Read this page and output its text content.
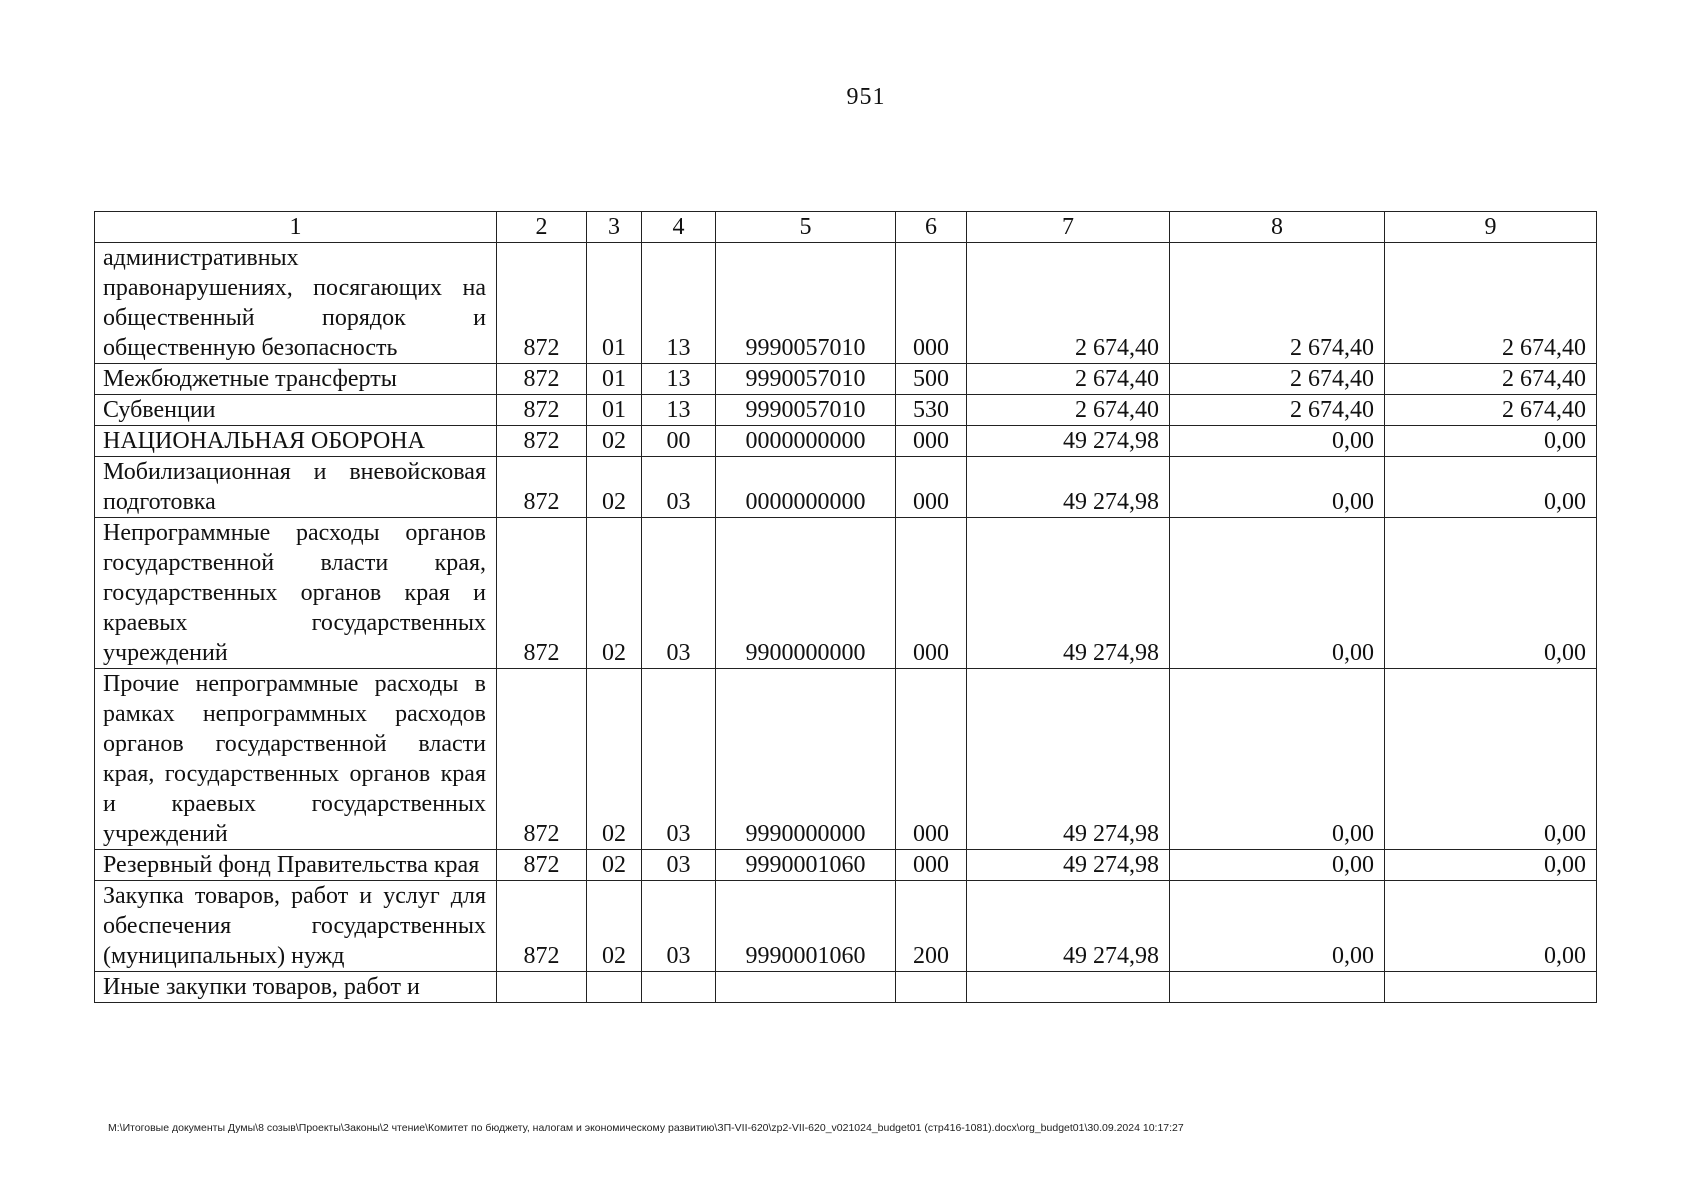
951
1	2	3	4	5	6	7	8	9
административных правонарушениях, посягающих на общественный порядок и общественную безопасность	872	01	13	9990057010	000	2 674,40	2 674,40	2 674,40
Межбюджетные трансферты	872	01	13	9990057010	500	2 674,40	2 674,40	2 674,40
Субвенции	872	01	13	9990057010	530	2 674,40	2 674,40	2 674,40
НАЦИОНАЛЬНАЯ ОБОРОНА	872	02	00	0000000000	000	49 274,98	0,00	0,00
Мобилизационная и вневойсковая подготовка	872	02	03	0000000000	000	49 274,98	0,00	0,00
Непрограммные расходы органов государственной власти края, государственных органов края и краевых государственных учреждений	872	02	03	9900000000	000	49 274,98	0,00	0,00
Прочие непрограммные расходы в рамках непрограммных расходов органов государственной власти края, государственных органов края и краевых государственных учреждений	872	02	03	9990000000	000	49 274,98	0,00	0,00
Резервный фонд Правительства края	872	02	03	9990001060	000	49 274,98	0,00	0,00
Закупка товаров, работ и услуг для обеспечения государственных (муниципальных) нужд	872	02	03	9990001060	200	49 274,98	0,00	0,00
Иные закупки товаров, работ и								
M:\Итоговые документы Думы\8 созыв\Проекты\Законы\2 чтение\Комитет по бюджету, налогам и экономическому развитию\ЗП-VII-620\zp2-VII-620_v021024_budget01 (стр416-1081).docx\org_budget01\30.09.2024 10:17:27
